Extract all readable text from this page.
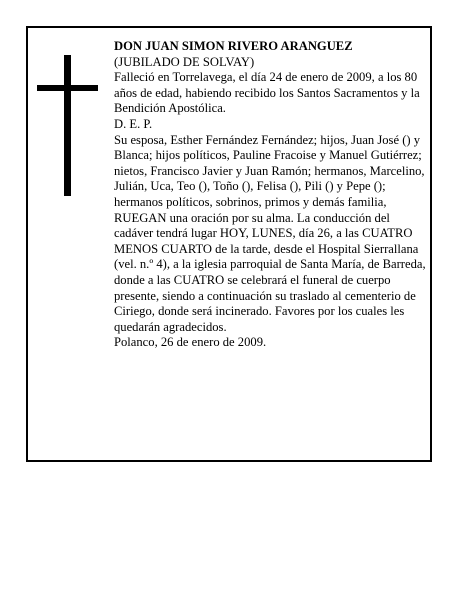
DON JUAN SIMON RIVERO ARANGUEZ

(JUBILADO DE SOLVAY)

Falleció en Torrelavega, el día 24 de enero de 2009, a los 80 años de edad, habiendo recibido los Santos Sacramentos y la Bendición Apostólica.

D. E. P.

Su esposa, Esther Fernández Fernández; hijos, Juan José () y Blanca; hijos políticos, Pauline Fracoise y Manuel Gutiérrez; nietos, Francisco Javier y Juan Ramón; hermanos, Marcelino, Julián, Uca, Teo (), Toño (), Felisa (), Pili () y Pepe (); hermanos políticos, sobrinos, primos y demás familia,

RUEGAN una oración por su alma. La conducción del cadáver tendrá lugar HOY, LUNES, día 26, a las CUATRO MENOS CUARTO de la tarde, desde el Hospital Sierrallana (vel. n.º 4), a la iglesia parroquial de Santa María, de Barreda, donde a las CUATRO se celebrará el funeral de cuerpo presente, siendo a continuación su traslado al cementerio de Ciriego, donde será incinerado. Favores por los cuales les quedarán agradecidos.

Polanco, 26 de enero de 2009.
